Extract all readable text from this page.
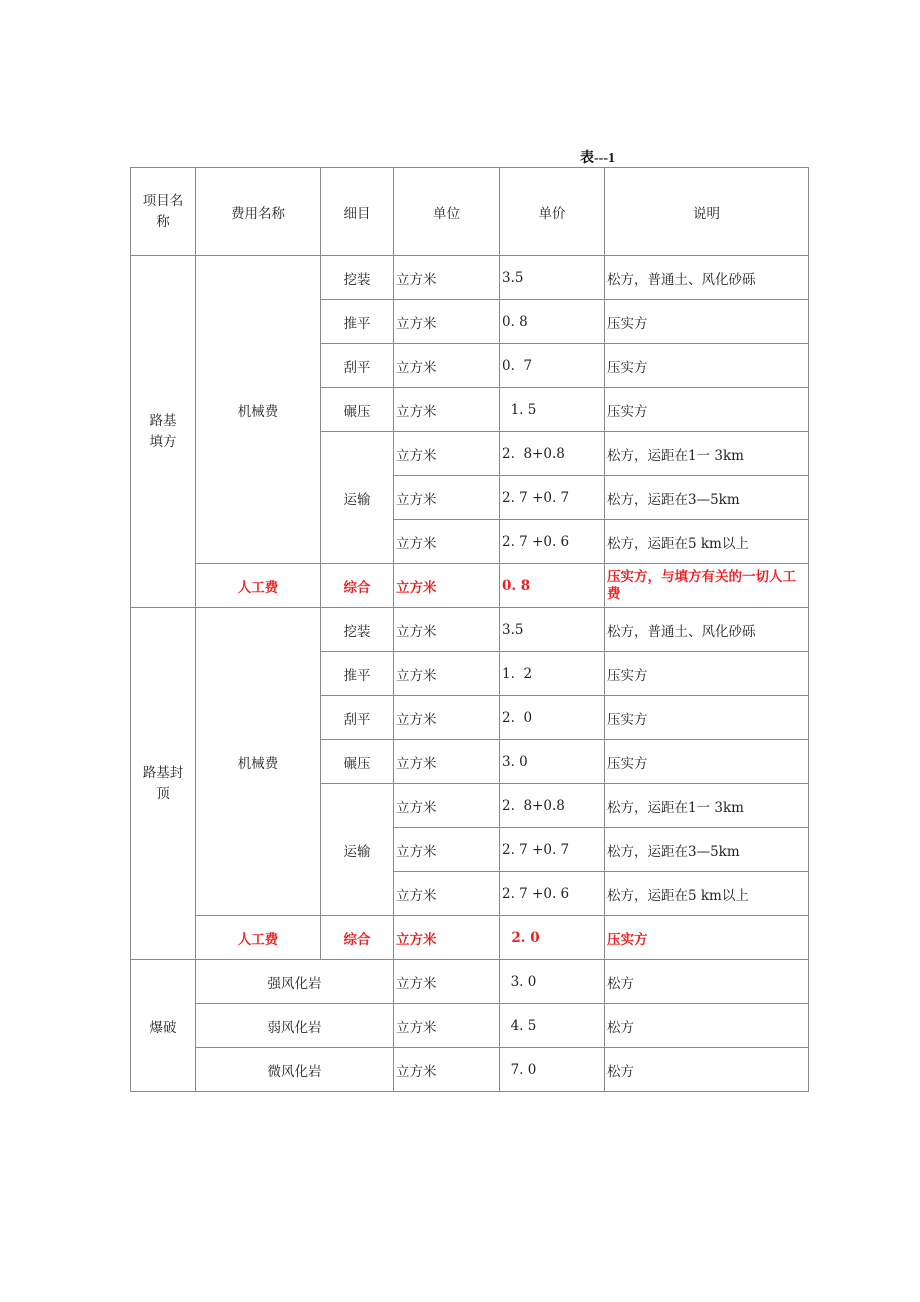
表---1
项目名称	费用名称	细目	单位	单价	说明
路基 填方	机械费	挖装	立方米	3.5	松方，普通土、风化砂砾
		推平	立方米	0. 8	压实方
		刮平	立方米	0.  7	压实方
		碾压	立方米	1. 5	压实方
		运输	立方米	2.  8+0.8	松方，运距在1一 3km
			立方米	2. 7 +0. 7	松方，运距在3—5km
			立方米	2. 7 +0. 6	松方，运距在5 km以上
	人工费	综合	立方米	0. 8	压实方，与填方有关的一切人工费
路基封顶	机械费	挖装	立方米	3.5	松方，普通土、风化砂砾
		推平	立方米	1.  2	压实方
		刮平	立方米	2.  0	压实方
		碾压	立方米	3. 0	压实方
		运输	立方米	2.  8+0.8	松方，运距在1一 3km
			立方米	2. 7 +0. 7	松方，运距在3—5km
			立方米	2. 7 +0. 6	松方，运距在5 km以上
	人工费	综合	立方米	2. 0	压实方
爆破	强风化岩		立方米	3. 0	松方
	弱风化岩		立方米	4. 5	松方
	微风化岩		立方米	7. 0	松方
